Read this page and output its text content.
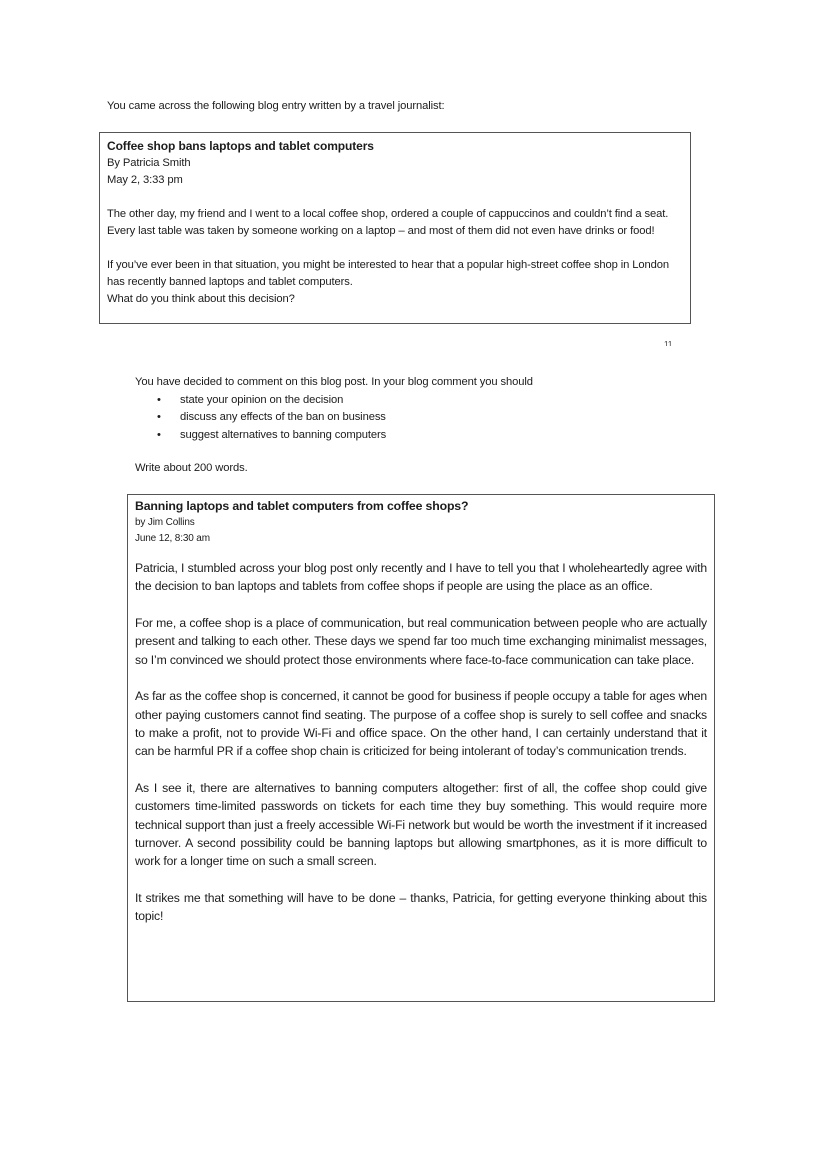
You came across the following blog entry written by a travel journalist:

Coffee shop bans laptops and tablet computers

By Patricia Smith

May 2, 3:33 pm

The other day, my friend and I went to a local coffee shop, ordered a couple of cappuccinos and couldn’t find a seat. Every last table was taken by someone working on a laptop – and most of them did not even have drinks or food!

If you’ve ever been in that situation, you might be interested to hear that a popular high-street coffee shop in London has recently banned laptops and tablet computers.

What do you think about this decision?

11
You have decided to comment on this blog post. In your blog comment you should
• state your opinion on the decision
• discuss any effects of the ban on business
• suggest alternatives to banning computers
Write about 200 words.
Banning laptops and tablet computers from coffee shops?
by Jim Collins
June 12, 8:30 am

Patricia, I stumbled across your blog post only recently and I have to tell you that I wholeheartedly agree with the decision to ban laptops and tablets from coffee shops if people are using the place as an office.

For me, a coffee shop is a place of communication, but real communication between people who are actually present and talking to each other. These days we spend far too much time exchanging minimalist messages, so I’m convinced we should protect those environments where face-to-face communication can take place.

As far as the coffee shop is concerned, it cannot be good for business if people occupy a table for ages when other paying customers cannot find seating. The purpose of a coffee shop is surely to sell coffee and snacks to make a profit, not to provide Wi-Fi and office space. On the other hand, I can certainly understand that it can be harmful PR if a coffee shop chain is criticized for being intolerant of today’s communication trends.

As I see it, there are alternatives to banning computers altogether: first of all, the coffee shop could give customers time-limited passwords on tickets for each time they buy something. This would require more technical support than just a freely accessible Wi-Fi network but would be worth the investment if it increased turnover. A second possibility could be banning laptops but allowing smartphones, as it is more difficult to work for a longer time on such a small screen.

It strikes me that something will have to be done – thanks, Patricia, for getting everyone thinking about this topic!
